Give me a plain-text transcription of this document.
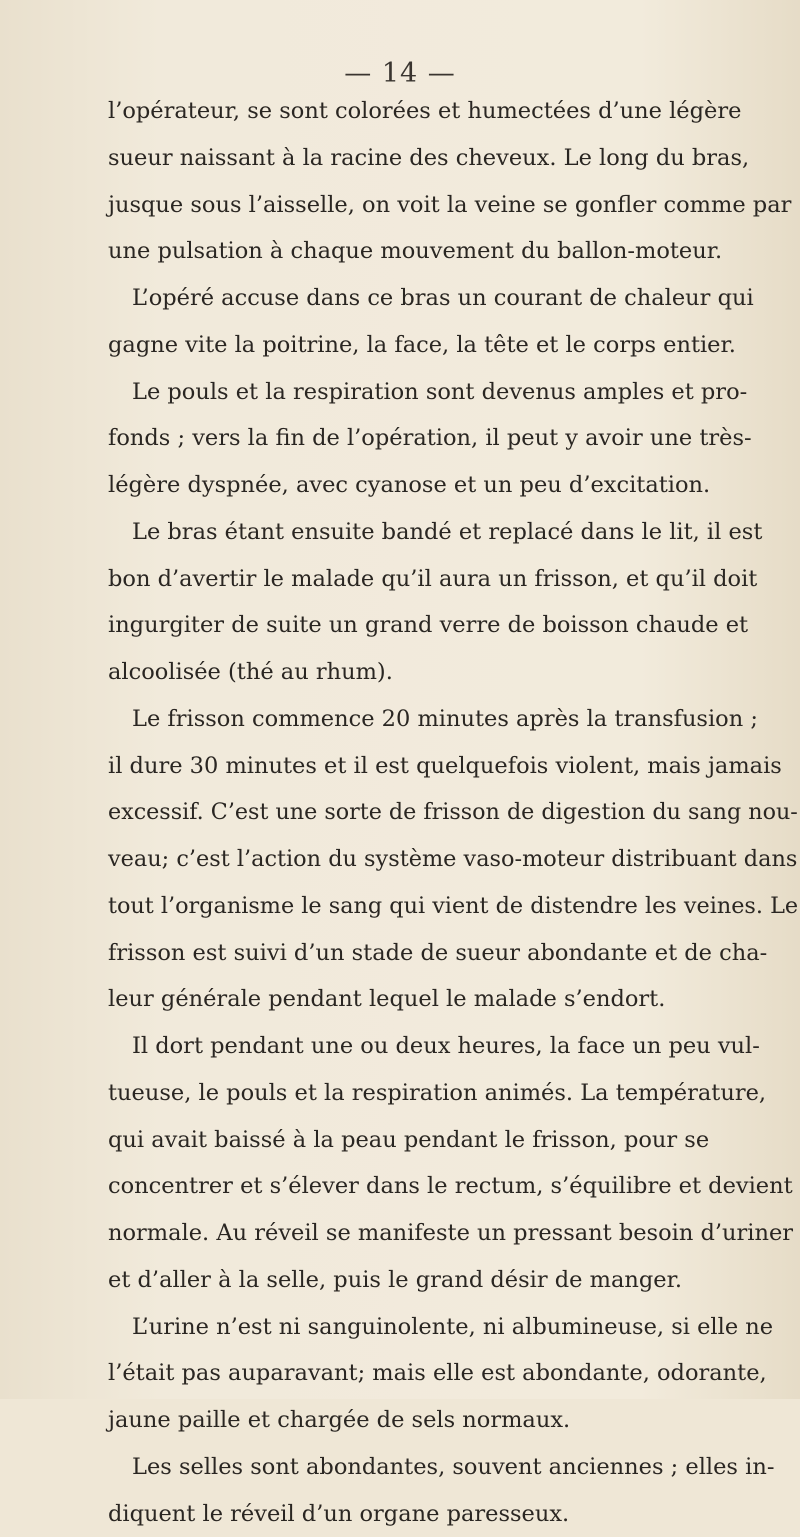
— 14 —
l’opérateur, se sont colorées et humectées d’une légère
sueur naissant à la racine des cheveux. Le long du bras,
jusque sous l’aisselle, on voit la veine se gonfler comme par
une pulsation à chaque mouvement du ballon-moteur.
L’opéré accuse dans ce bras un courant de chaleur qui
gagne vite la poitrine, la face, la tête et le corps entier.
Le pouls et la respiration sont devenus amples et pro-
fonds ; vers la fin de l’opération, il peut y avoir une très-
légère dyspnée, avec cyanose et un peu d’excitation.
Le bras étant ensuite bandé et replacé dans le lit, il est
bon d’avertir le malade qu’il aura un frisson, et qu’il doit
ingurgiter de suite un grand verre de boisson chaude et
alcoolisée (thé au rhum).
Le frisson commence 20 minutes après la transfusion ;
il dure 30 minutes et il est quelquefois violent, mais jamais
excessif. C’est une sorte de frisson de digestion du sang nou-
veau; c’est l’action du système vaso-moteur distribuant dans
tout l’organisme le sang qui vient de distendre les veines. Le
frisson est suivi d’un stade de sueur abondante et de cha-
leur générale pendant lequel le malade s’endort.
Il dort pendant une ou deux heures, la face un peu vul-
tueuse, le pouls et la respiration animés. La température,
qui avait baissé à la peau pendant le frisson, pour se
concentrer et s’élever dans le rectum, s’équilibre et devient
normale. Au réveil se manifeste un pressant besoin d’uriner
et d’aller à la selle, puis le grand désir de manger.
L’urine n’est ni sanguinolente, ni albumineuse, si elle ne
l’était pas auparavant; mais elle est abondante, odorante,
jaune paille et chargée de sels normaux.
Les selles sont abondantes, souvent anciennes ; elles in-
diquent le réveil d’un organe paresseux.
